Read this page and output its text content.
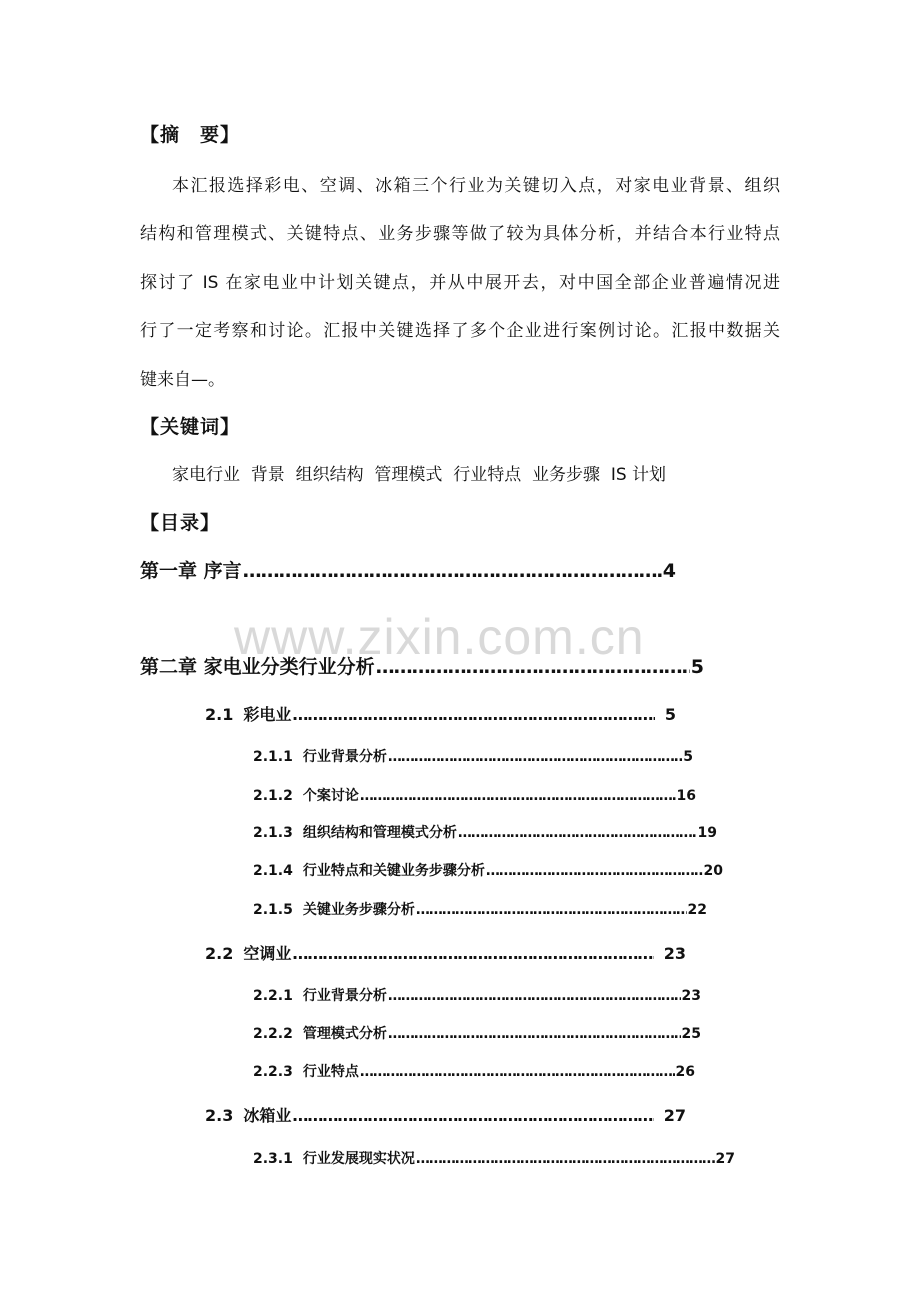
www.zixin.com.cn
【摘　要】
本汇报选择彩电、空调、冰箱三个行业为关键切入点，对家电业背景、组织
结构和管理模式、关键特点、业务步骤等做了较为具体分析，并结合本行业特点
探讨了 IS 在家电业中计划关键点，并从中展开去，对中国全部企业普遍情况进
行了一定考察和讨论。汇报中关键选择了多个企业进行案例讨论。汇报中数据关
键来自—。
【关键词】
家电行业  背景  组织结构  管理模式  行业特点  业务步骤  IS 计划
【目录】
第一章 序言 ………………………………………………………………………………………………………………………………………………………………………………………………………………	4
第二章 家电业分类行业分析 ………………………………………………………………………………………………………………………………………………………………………………………………………………	5
2.1 彩电业 ………………………………………………………………………………………………………………………………………………………………………………………………………………	5
2.1.1 行业背景分析 ………………………………………………………………………………………………………………………………………………………………………………………………………………	5
2.1.2 个案讨论 ………………………………………………………………………………………………………………………………………………………………………………………………………………	16
2.1.3 组织结构和管理模式分析 ………………………………………………………………………………………………………………………………………………………………………………………………………………	19
2.1.4 行业特点和关键业务步骤分析 ………………………………………………………………………………………………………………………………………………………………………………………………………………	20
2.1.5 关键业务步骤分析 ………………………………………………………………………………………………………………………………………………………………………………………………………………	22
2.2 空调业 ………………………………………………………………………………………………………………………………………………………………………………………………………………	23
2.2.1 行业背景分析 ………………………………………………………………………………………………………………………………………………………………………………………………………………	23
2.2.2 管理模式分析 ………………………………………………………………………………………………………………………………………………………………………………………………………………	25
2.2.3 行业特点 ………………………………………………………………………………………………………………………………………………………………………………………………………………	26
2.3 冰箱业 ………………………………………………………………………………………………………………………………………………………………………………………………………………	27
2.3.1 行业发展现实状况 ………………………………………………………………………………………………………………………………………………………………………………………………………………	27
